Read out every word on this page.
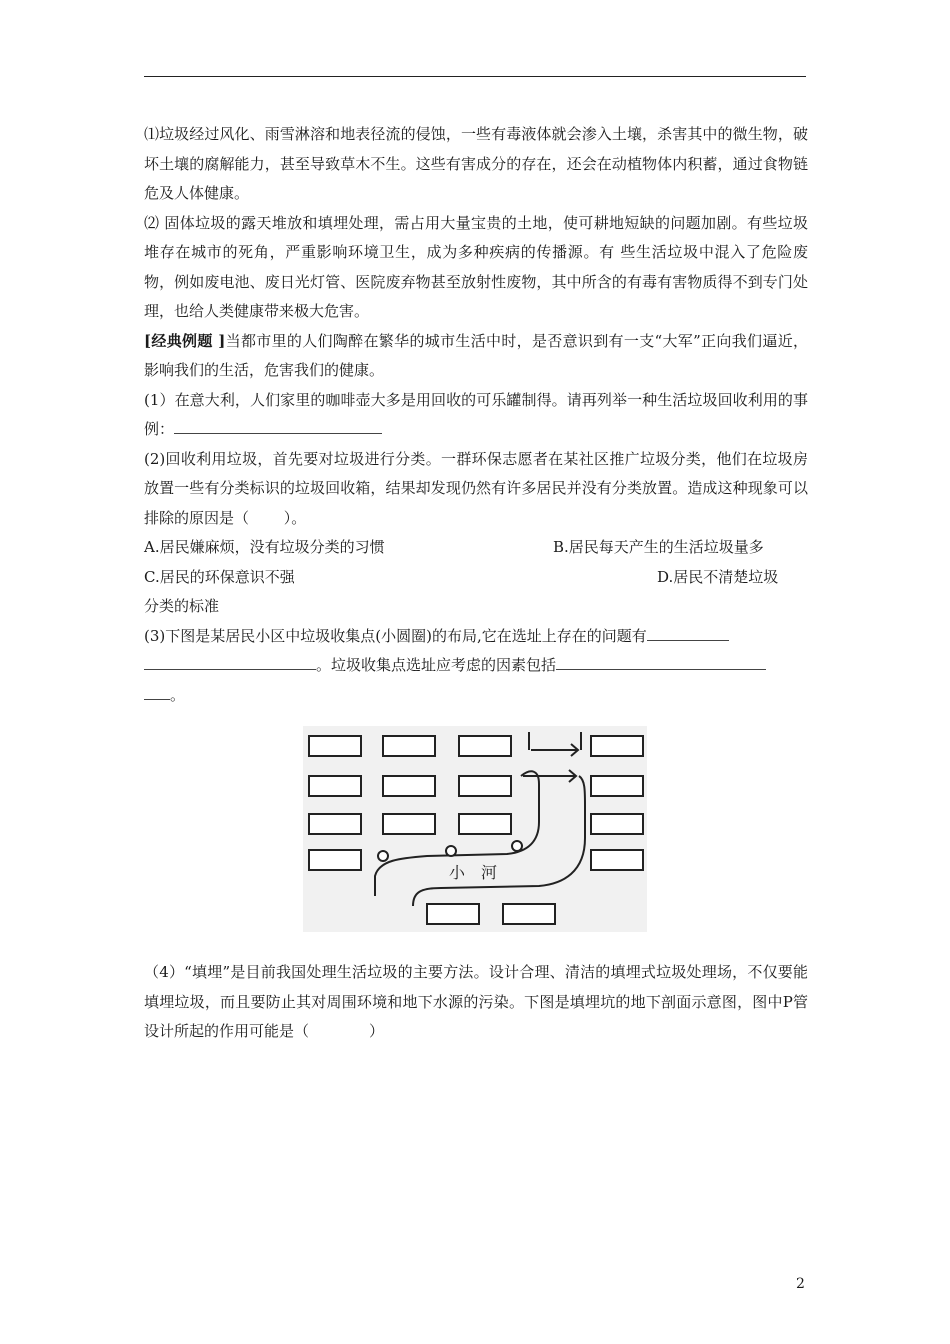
⑴垃圾经过风化、雨雪淋溶和地表径流的侵蚀，一些有毒液体就会渗入土壤，杀害其中的微生物，破坏土壤的腐解能力，甚至导致草木不生。这些有害成分的存在，还会在动植物体内积蓄，通过食物链危及人体健康。

⑵ 固体垃圾的露天堆放和填埋处理，需占用大量宝贵的土地，使可耕地短缺的问题加剧。有些垃圾堆存在城市的死角，严重影响环境卫生，成为多种疾病的传播源。有 些生活垃圾中混入了危险废物，例如废电池、废日光灯管、医院废弃物甚至放射性废物，其中所含的有毒有害物质得不到专门处理，也给人类健康带来极大危害。

[经典例题 ]当都市里的人们陶醉在繁华的城市生活中时，是否意识到有一支“大军”正向我们逼近，影响我们的生活，危害我们的健康。

(1）在意大利，人们家里的咖啡壶大多是用回收的可乐罐制得。请再列举一种生活垃圾回收利用的事例：

(2)回收利用垃圾，首先要对垃圾进行分类。一群环保志愿者在某社区推广垃圾分类，他们在垃圾房放置一些有分类标识的垃圾回收箱，结果却发现仍然有许多居民并没有分类放置。造成这种现象可以排除的原因是（　　 ）。

A.居民嫌麻烦，没有垃圾分类的习惯	B.居民每天产生的生活垃圾量多
C.居民的环保意识不强	D.居民不清楚垃圾

分类的标准

(3)下图是某居民小区中垃圾收集点(小圆圈)的布局,它在选址上存在的问题有

。垃圾收集点选址应考虑的因素包括

。

小　河

（4）“填埋”是目前我国处理生活垃圾的主要方法。设计合理、清洁的填埋式垃圾处理场，不仅要能填埋垃圾，而且要防止其对周围环境和地下水源的污染。下图是填埋坑的地下剖面示意图，图中P管设计所起的作用可能是（　　　　）

2
